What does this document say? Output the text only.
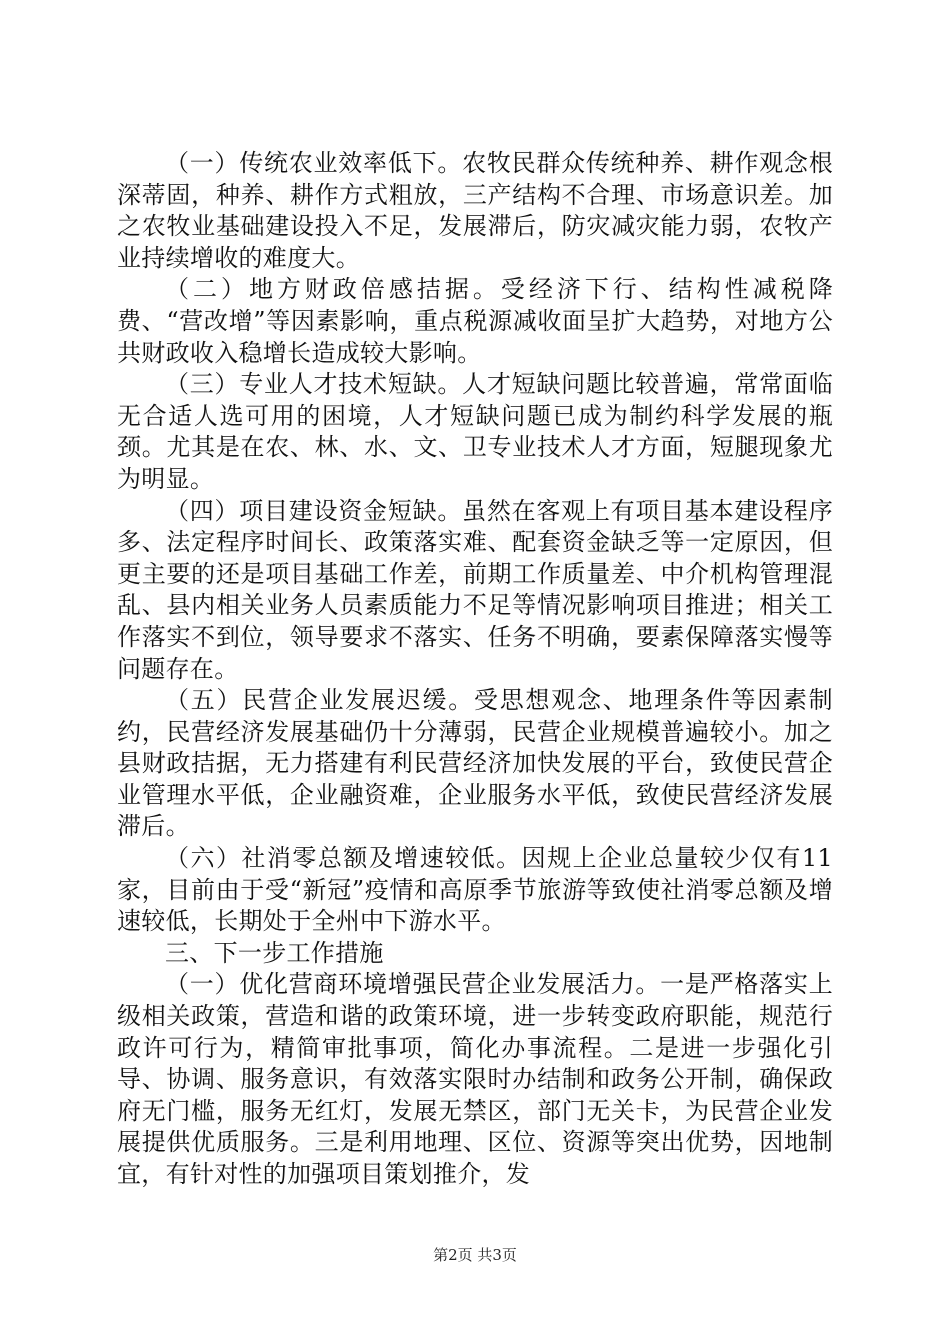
（一）传统农业效率低下。农牧民群众传统种养、耕作观念根深蒂固，种养、耕作方式粗放，三产结构不合理、市场意识差。加之农牧业基础建设投入不足，发展滞后，防灾减灾能力弱，农牧产业持续增收的难度大。

（二）地方财政倍感拮据。受经济下行、结构性减税降费、“营改增”等因素影响，重点税源减收面呈扩大趋势，对地方公共财政收入稳增长造成较大影响。

（三）专业人才技术短缺。人才短缺问题比较普遍，常常面临无合适人选可用的困境，人才短缺问题已成为制约科学发展的瓶颈。尤其是在农、林、水、文、卫专业技术人才方面，短腿现象尤为明显。

（四）项目建设资金短缺。虽然在客观上有项目基本建设程序多、法定程序时间长、政策落实难、配套资金缺乏等一定原因，但更主要的还是项目基础工作差，前期工作质量差、中介机构管理混乱、县内相关业务人员素质能力不足等情况影响项目推进；相关工作落实不到位，领导要求不落实、任务不明确，要素保障落实慢等问题存在。

（五）民营企业发展迟缓。受思想观念、地理条件等因素制约，民营经济发展基础仍十分薄弱，民营企业规模普遍较小。加之县财政拮据，无力搭建有利民营经济加快发展的平台，致使民营企业管理水平低，企业融资难，企业服务水平低，致使民营经济发展滞后。

（六）社消零总额及增速较低。因规上企业总量较少仅有11家，目前由于受“新冠”疫情和高原季节旅游等致使社消零总额及增速较低，长期处于全州中下游水平。

三、下一步工作措施

（一）优化营商环境增强民营企业发展活力。一是严格落实上级相关政策，营造和谐的政策环境，进一步转变政府职能，规范行政许可行为，精简审批事项，简化办事流程。二是进一步强化引导、协调、服务意识，有效落实限时办结制和政务公开制，确保政府无门槛，服务无红灯，发展无禁区，部门无关卡，为民营企业发展提供优质服务。三是利用地理、区位、资源等突出优势，因地制宜，有针对性的加强项目策划推介，发

第2页 共3页
